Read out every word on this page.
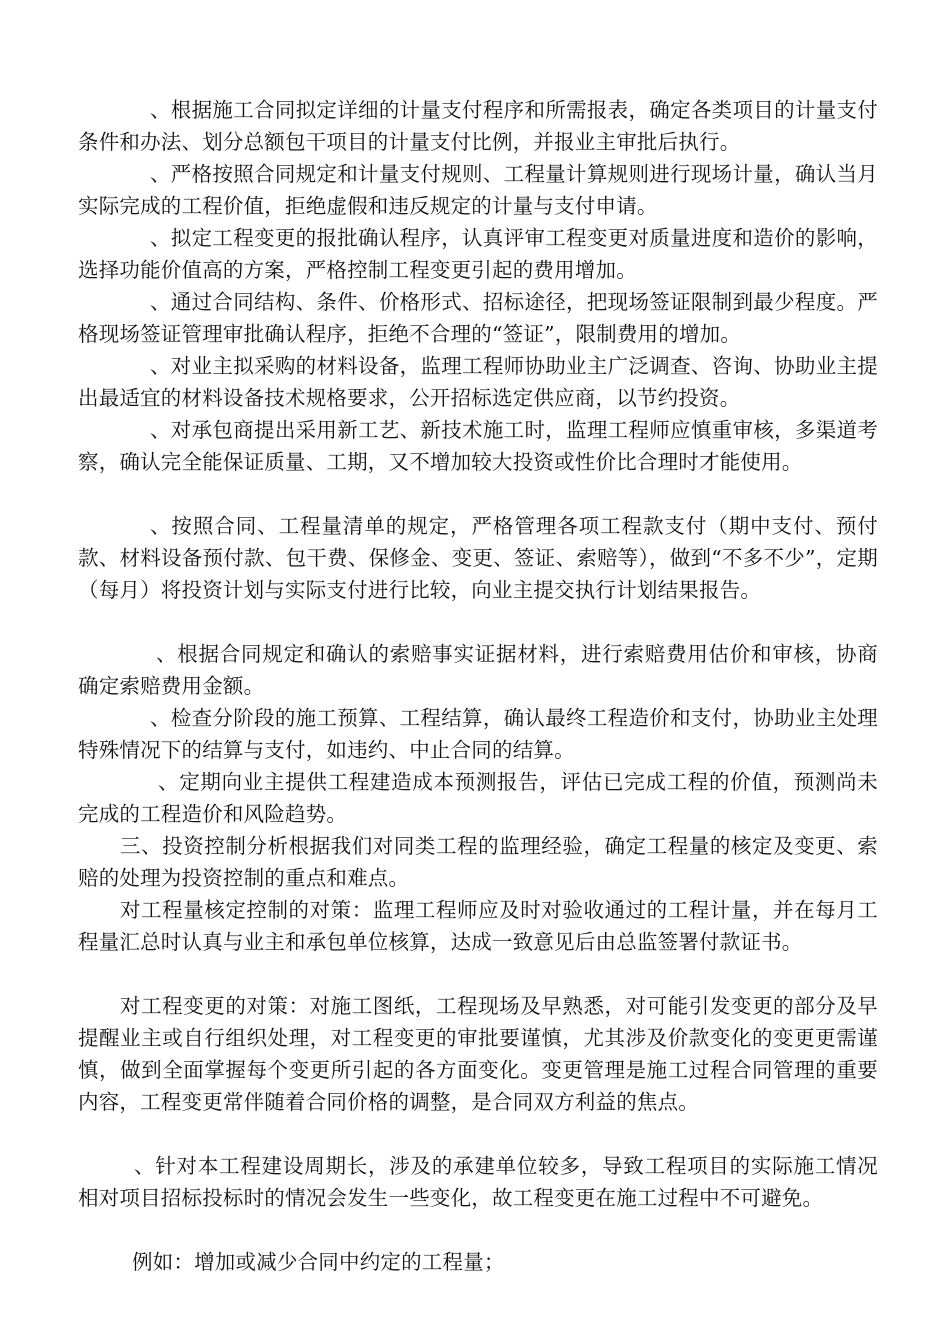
、根据施工合同拟定详细的计量支付程序和所需报表，确定各类项目的计量支付条件和办法、划分总额包干项目的计量支付比例，并报业主审批后执行。

、严格按照合同规定和计量支付规则、工程量计算规则进行现场计量，确认当月实际完成的工程价值，拒绝虚假和违反规定的计量与支付申请。

、拟定工程变更的报批确认程序，认真评审工程变更对质量进度和造价的影响，选择功能价值高的方案，严格控制工程变更引起的费用增加。

、通过合同结构、条件、价格形式、招标途径，把现场签证限制到最少程度。严格现场签证管理审批确认程序，拒绝不合理的“签证”，限制费用的增加。

、对业主拟采购的材料设备，监理工程师协助业主广泛调查、咨询、协助业主提出最适宜的材料设备技术规格要求，公开招标选定供应商，以节约投资。

、对承包商提出采用新工艺、新技术施工时，监理工程师应慎重审核，多渠道考察，确认完全能保证质量、工期，又不增加较大投资或性价比合理时才能使用。

、按照合同、工程量清单的规定，严格管理各项工程款支付（期中支付、预付款、材料设备预付款、包干费、保修金、变更、签证、索赔等），做到“不多不少”，定期（每月）将投资计划与实际支付进行比较，向业主提交执行计划结果报告。

、根据合同规定和确认的索赔事实证据材料，进行索赔费用估价和审核，协商确定索赔费用金额。

、检查分阶段的施工预算、工程结算，确认最终工程造价和支付，协助业主处理特殊情况下的结算与支付，如违约、中止合同的结算。

、定期向业主提供工程建造成本预测报告，评估已完成工程的价值，预测尚未完成的工程造价和风险趋势。

三、投资控制分析根据我们对同类工程的监理经验，确定工程量的核定及变更、索赔的处理为投资控制的重点和难点。

对工程量核定控制的对策：监理工程师应及时对验收通过的工程计量，并在每月工程量汇总时认真与业主和承包单位核算，达成一致意见后由总监签署付款证书。

对工程变更的对策：对施工图纸，工程现场及早熟悉，对可能引发变更的部分及早提醒业主或自行组织处理，对工程变更的审批要谨慎，尤其涉及价款变化的变更更需谨慎，做到全面掌握每个变更所引起的各方面变化。变更管理是施工过程合同管理的重要内容，工程变更常伴随着合同价格的调整，是合同双方利益的焦点。

、针对本工程建设周期长，涉及的承建单位较多，导致工程项目的实际施工情况相对项目招标投标时的情况会发生一些变化，故工程变更在施工过程中不可避免。

例如：增加或减少合同中约定的工程量；
